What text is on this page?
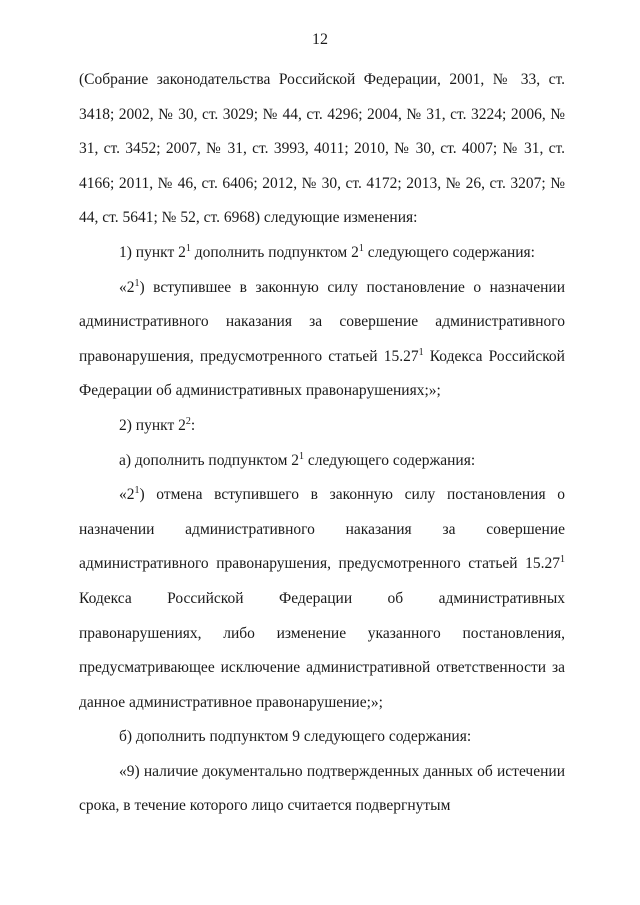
12

(Собрание законодательства Российской Федерации, 2001, № 33, ст. 3418; 2002, № 30, ст. 3029; № 44, ст. 4296; 2004, № 31, ст. 3224; 2006, № 31, ст. 3452; 2007, № 31, ст. 3993, 4011; 2010, № 30, ст. 4007; № 31, ст. 4166; 2011, № 46, ст. 6406; 2012, № 30, ст. 4172; 2013, № 26, ст. 3207; № 44, ст. 5641; № 52, ст. 6968) следующие изменения:

1) пункт $2^1$ дополнить подпунктом $2^1$ следующего содержания:

«$2^1$) вступившее в законную силу постановление о назначении административного наказания за совершение административного правонарушения, предусмотренного статьей 15.27$^1$ Кодекса Российской Федерации об административных правонарушениях;»;

2) пункт $2^2$:

а) дополнить подпунктом $2^1$ следующего содержания:

«$2^1$) отмена вступившего в законную силу постановления о назначении административного наказания за совершение административного правонарушения, предусмотренного статьей 15.27$^1$ Кодекса Российской Федерации об административных правонарушениях, либо изменение указанного постановления, предусматривающее исключение административной ответственности за данное административное правонарушение;»;

б) дополнить подпунктом 9 следующего содержания:

«9) наличие документально подтвержденных данных об истечении срока, в течение которого лицо считается подвергнутым
